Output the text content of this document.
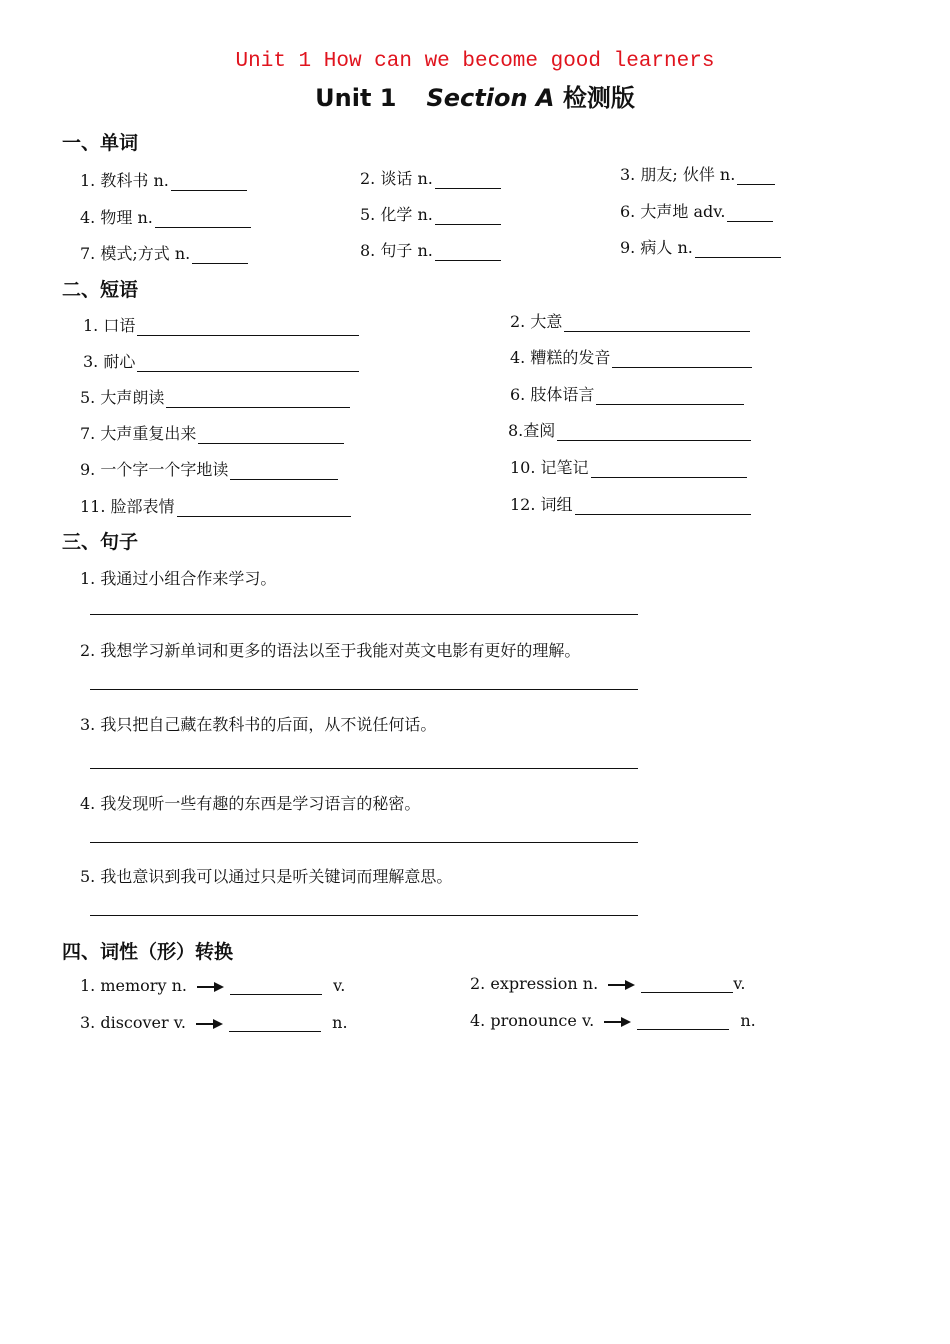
Unit 1 How can we become good learners
Unit 1 Section A 检测版
一、单词
1. 教科书 n.	2. 谈话 n.	3. 朋友; 伙伴 n.
4. 物理 n.	5. 化学 n.	6. 大声地 adv.
7. 模式;方式 n.	8. 句子 n.	9. 病人 n.
二、短语
1. 口语	2. 大意
3. 耐心	4. 糟糕的发音
5. 大声朗读	6. 肢体语言
7. 大声重复出来	8.查阅
9. 一个字一个字地读	10. 记笔记
11. 脸部表情	12. 词组
三、句子
1. 我通过小组合作来学习。
2. 我想学习新单词和更多的语法以至于我能对英文电影有更好的理解。
3. 我只把自己藏在教科书的后面，从不说任何话。
4. 我发现听一些有趣的东西是学习语言的秘密。
5. 我也意识到我可以通过只是听关键词而理解意思。
四、词性（形）转换
1. memory n.	v.	2. expression n.	v.
3. discover v.	n.	4. pronounce v.	n.
